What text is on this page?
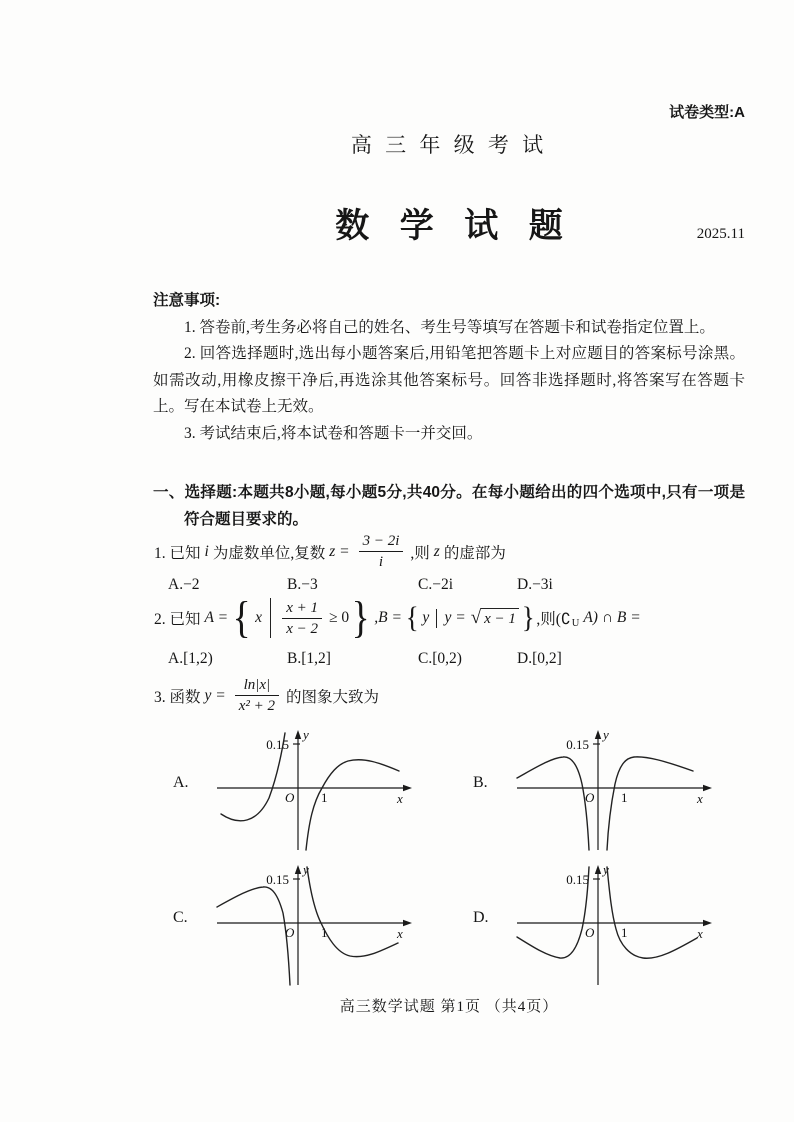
试卷类型:A
高 三 年 级 考 试
数 学 试 题	2025.11
注意事项:

1. 答卷前,考生务必将自己的姓名、考生号等填写在答题卡和试卷指定位置上。

2. 回答选择题时,选出每小题答案后,用铅笔把答题卡上对应题目的答案标号涂黑。如需改动,用橡皮擦干净后,再选涂其他答案标号。回答非选择题时,将答案写在答题卡上。写在本试卷上无效。

3. 考试结束后,将本试卷和答题卡一并交回。

一、选择题:本题共8小题,每小题5分,共40分。在每小题给出的四个选项中,只有一项是符合题目要求的。
1. 已知 i 为虚数单位,复数 $z = \frac{3 - 2i}{i}$ ,则 z 的虚部为
A.−2	B.−3	C.−2i	D.−3i
2. 已知 A = { x $\frac{x + 1}{x - 2} \ge 0$ } ,B = { y y = √ x − 1 } ,则(∁ U A) ∩ B =
A.[1,2)	B.[1,2]	C.[0,2)	D.[0,2]
3. 函数 $y = \frac{\ln|x|}{\text{x² + 2}}$ 的图象大致为
A.
0.15
y
O 1	x
B.
0.15
y
O 1	x
C.
0.15
y
O 1	x
D.
0.15
y
O 1	x
高三数学试题 第1页 （共4页）
